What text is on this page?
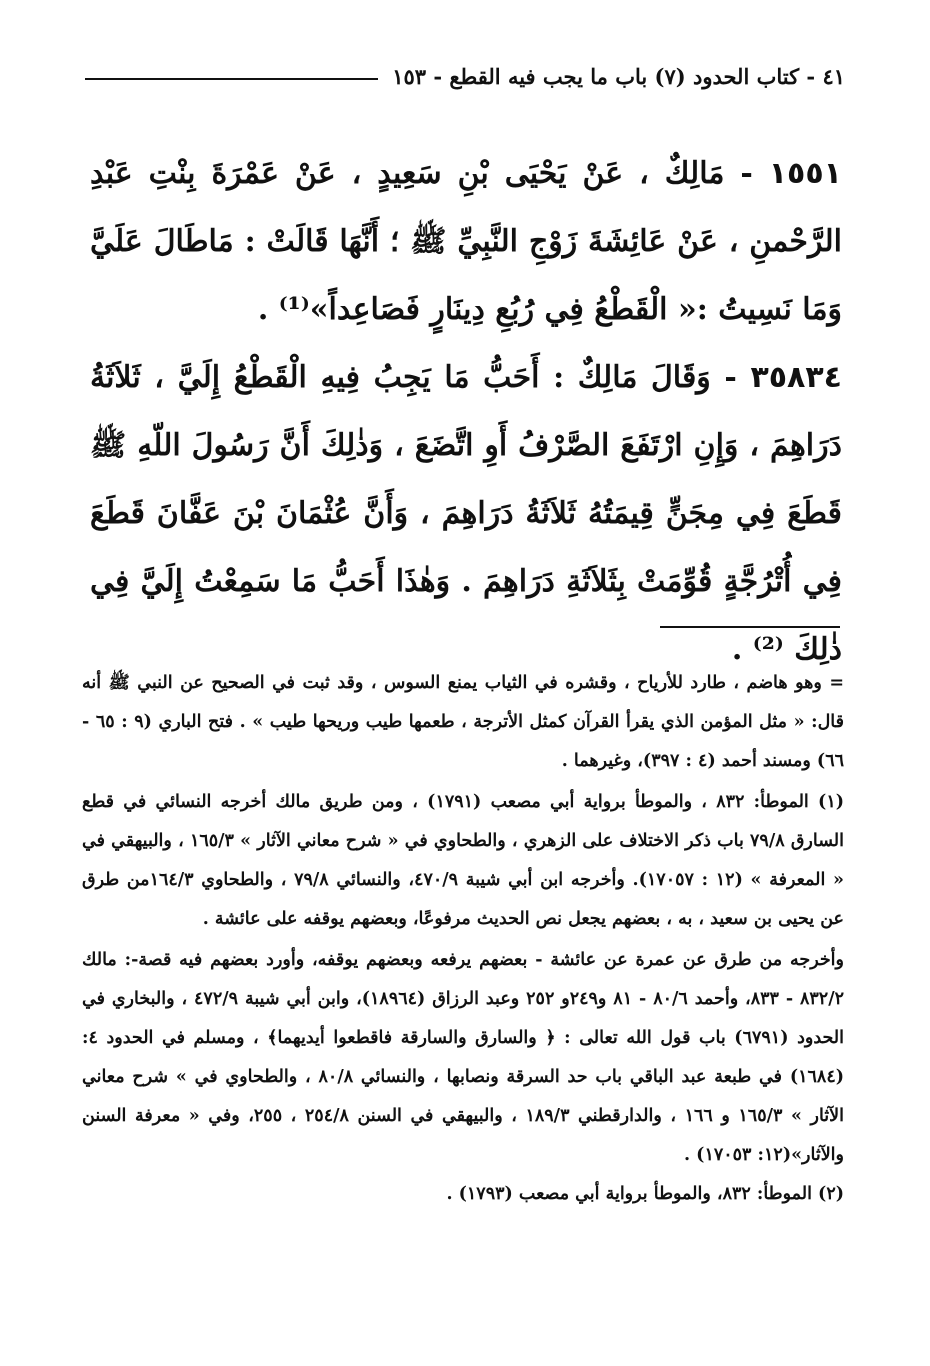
٤١ - كتاب الحدود (٧) باب ما يجب فيه القطع - ١٥٣
١٥٥١ - مَالِكٌ ، عَنْ يَحْيَى بْنِ سَعِيدٍ ، عَنْ عَمْرَةَ بِنْتِ عَبْدِ الرَّحْمنِ ، عَنْ عَائِشَةَ زَوْجِ النَّبِيِّ ﷺ ؛ أَنَّهَا قَالَتْ : مَاطَالَ عَلَيَّ وَمَا نَسِيتُ :« الْقَطْعُ فِي رُبُعِ دِينَارٍ فَصَاعِداً»⁽¹⁾ .
٣٥٨٣٤ - وَقَالَ مَالِكٌ : أَحَبُّ مَا يَجِبُ فِيهِ الْقَطْعُ إِلَيَّ ، ثَلاَثَةُ دَرَاهِمَ ، وَإِنِ ارْتَفَعَ الصَّرْفُ أَوِ اتَّضَعَ ، وَذٰلِكَ أَنَّ رَسُولَ اللّهِ ﷺ قَطَعَ فِي مِجَنٍّ قِيمَتُهُ ثَلاَثَةُ دَرَاهِمَ ، وَأَنَّ عُثْمَانَ بْنَ عَفَّانَ قَطَعَ فِي أُتْرُجَّةٍ قُوِّمَتْ بِثَلاَثَةِ دَرَاهِمَ . وَهٰذَا أَحَبُّ مَا سَمِعْتُ إِلَيَّ فِي ذٰلِكَ ⁽²⁾ .

= وهو هاضم ، طارد للأرياح ، وقشره في الثياب يمنع السوس ، وقد ثبت في الصحيح عن النبي ﷺ أنه قال: « مثل المؤمن الذي يقرأ القرآن كمثل الأترجة ، طعمها طيب وريحها طيب » . فتح الباري (٩ : ٦٥ - ٦٦) ومسند أحمد (٤ : ٣٩٧)، وغيرهما .

(١) الموطأ: ٨٣٢ ، والموطأ برواية أبي مصعب (١٧٩١) ، ومن طريق مالك أخرجه النسائي في قطع السارق ٧٩/٨ باب ذكر الاختلاف على الزهري ، والطحاوي في « شرح معاني الآثار » ١٦٥/٣ ، والبيهقي في « المعرفة » (١٢ : ١٧٠٥٧). وأخرجه ابن أبي شيبة ٤٧٠/٩، والنسائي ٧٩/٨ ، والطحاوي ١٦٤/٣من طرق عن يحيى بن سعيد ، به ، بعضهم يجعل نص الحديث مرفوعًا، وبعضهم يوقفه على عائشة .

وأخرجه من طرق عن عمرة عن عائشة - بعضهم يرفعه وبعضهم يوقفه، وأورد بعضهم فيه قصة-: مالك ٨٣٢/٢ - ٨٣٣، وأحمد ٨٠/٦ - ٨١ و٢٤٩و ٢٥٢ وعبد الرزاق (١٨٩٦٤)، وابن أبي شيبة ٤٧٢/٩ ، والبخاري في الحدود (٦٧٩١) باب قول الله تعالى : ﴿ والسارق والسارقة فاقطعوا أيديهما﴾ ، ومسلم في الحدود ٤: (١٦٨٤) في طبعة عبد الباقي باب حد السرقة ونصابها ، والنسائي ٨٠/٨ ، والطحاوي في » شرح معاني الآثار » ١٦٥/٣ و ١٦٦ ، والدارقطني ١٨٩/٣ ، والبيهقي في السنن ٢٥٤/٨ ، ٢٥٥، وفي « معرفة السنن والآثار»(١٢: ١٧٠٥٣) .

(٢) الموطأ: ٨٣٢، والموطأ برواية أبي مصعب (١٧٩٣) .
